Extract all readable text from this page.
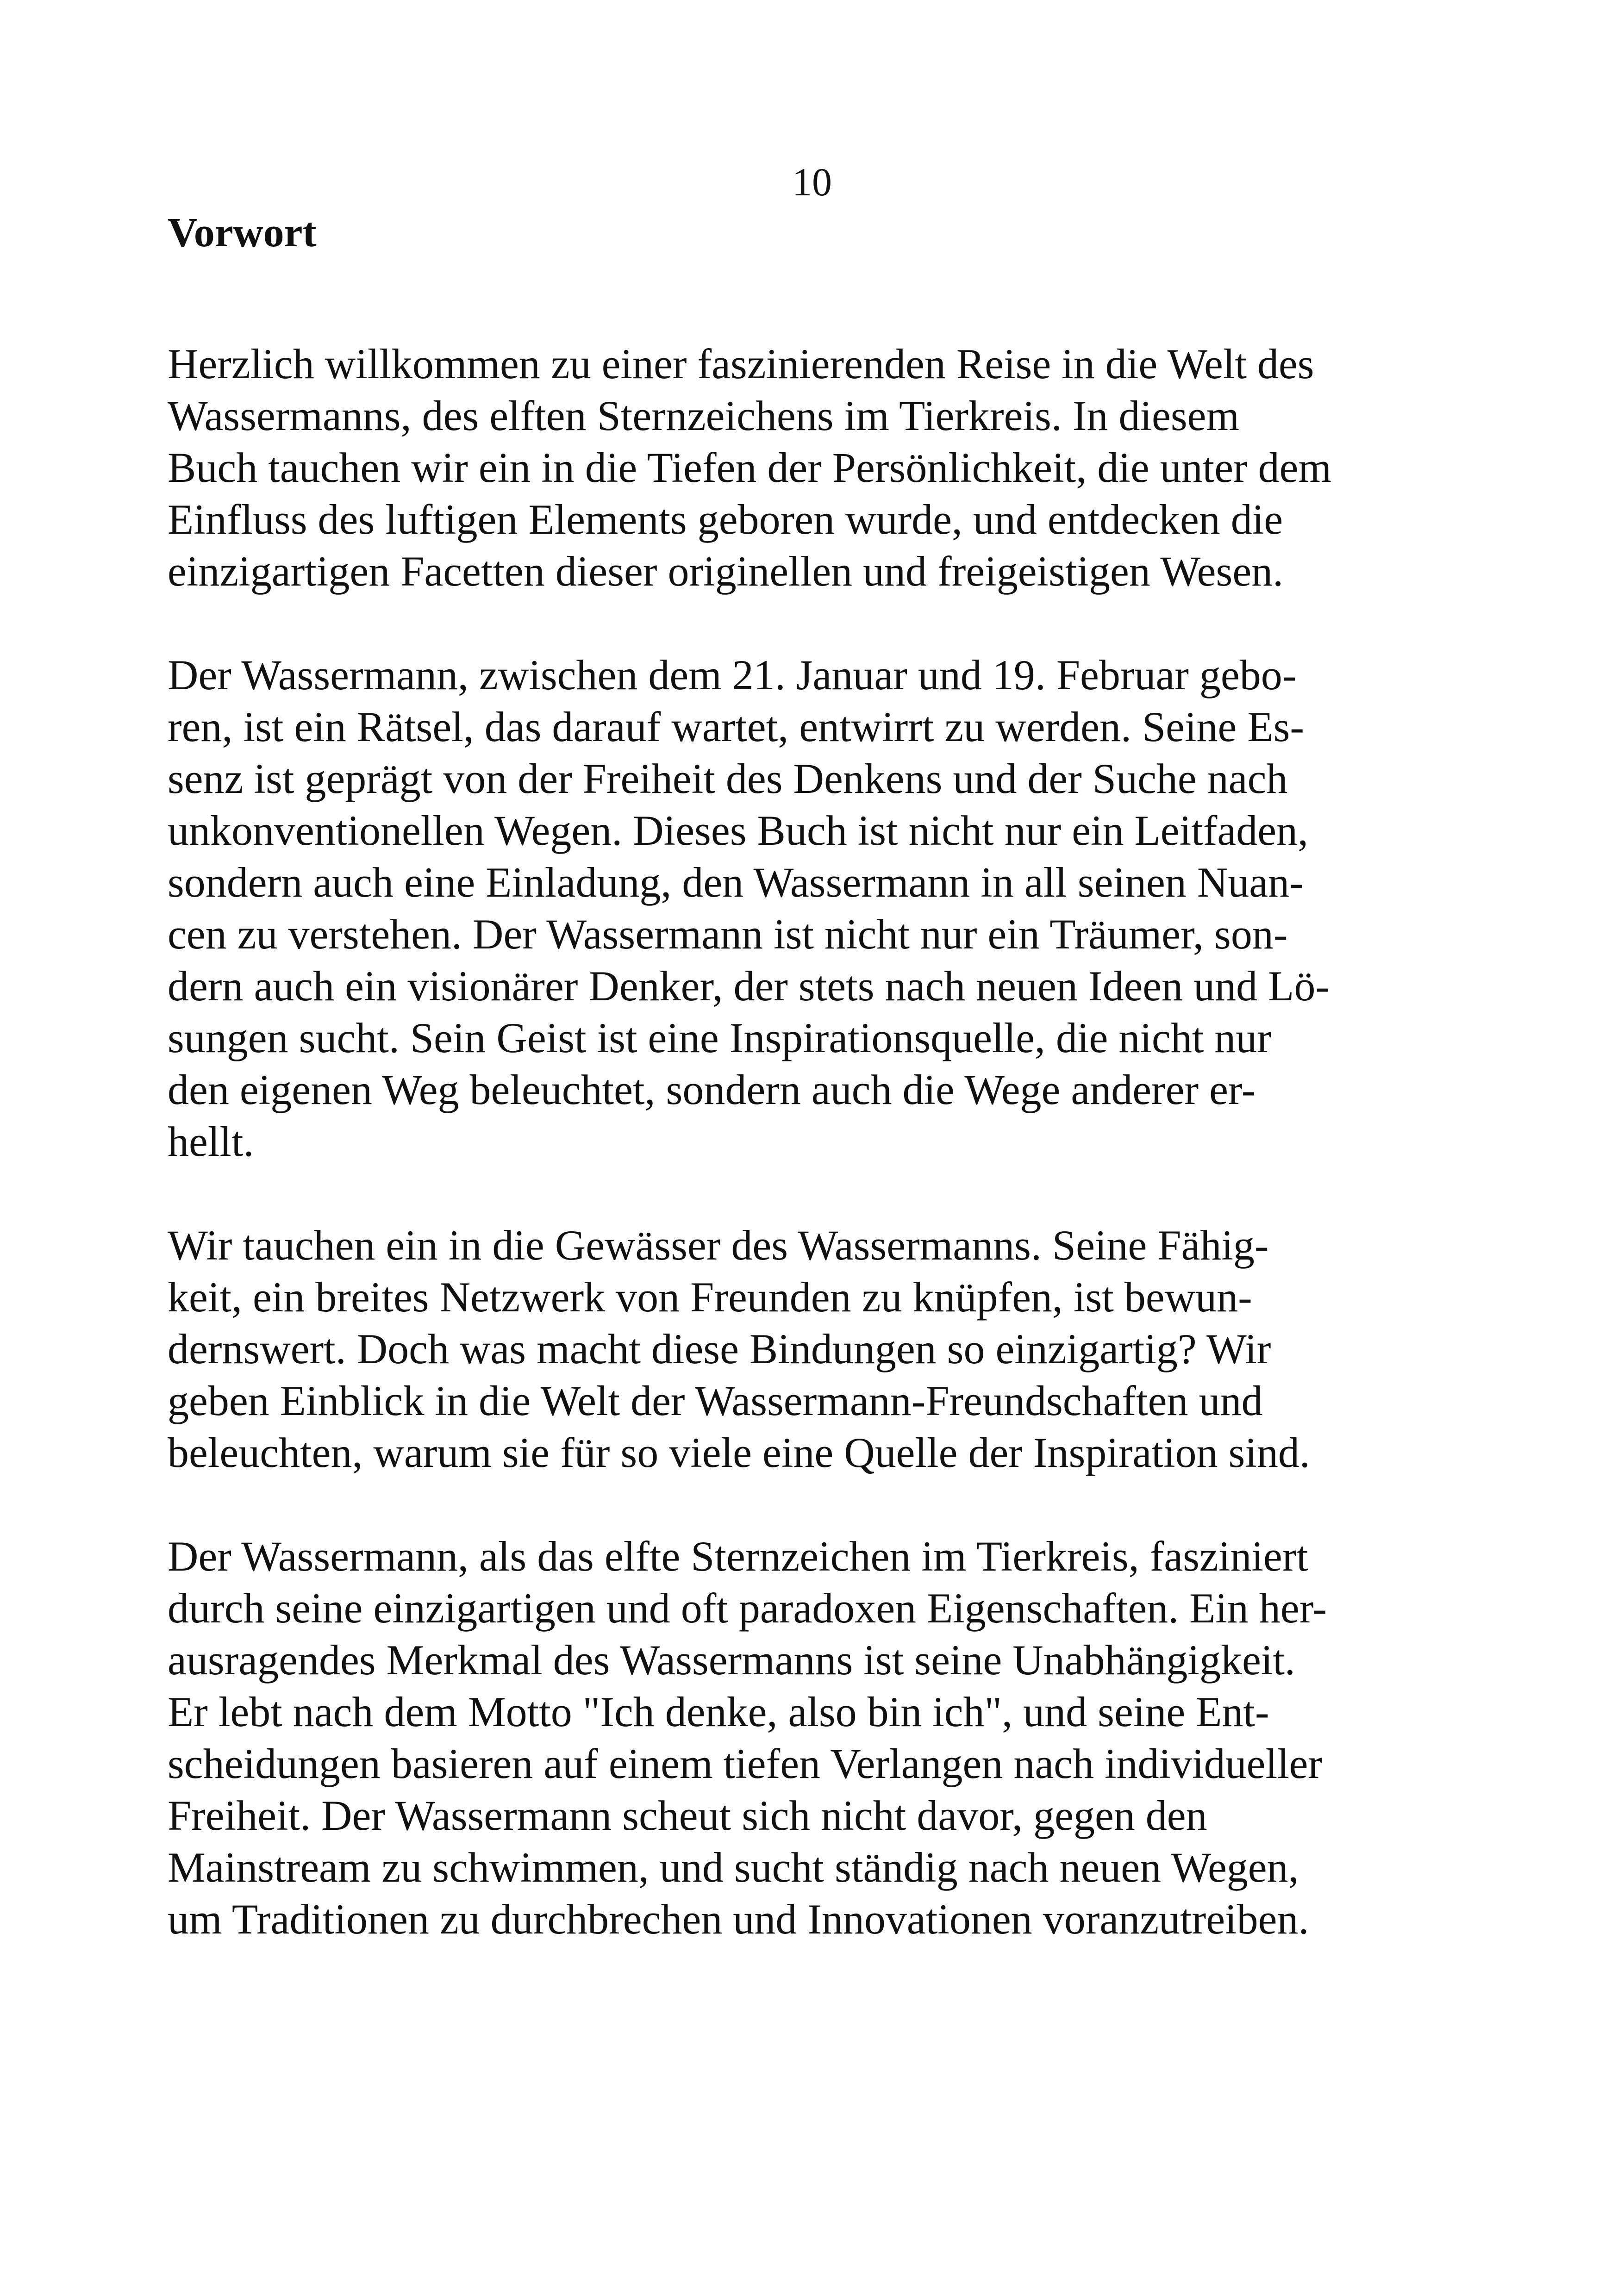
10
Vorwort

Herzlich willkommen zu einer faszinierenden Reise in die Welt des
Wassermanns, des elften Sternzeichens im Tierkreis. In diesem
Buch tauchen wir ein in die Tiefen der Persönlichkeit, die unter dem
Einfluss des luftigen Elements geboren wurde, und entdecken die
einzigartigen Facetten dieser originellen und freigeistigen Wesen.

Der Wassermann, zwischen dem 21. Januar und 19. Februar gebo-
ren, ist ein Rätsel, das darauf wartet, entwirrt zu werden. Seine Es-
senz ist geprägt von der Freiheit des Denkens und der Suche nach
unkonventionellen Wegen. Dieses Buch ist nicht nur ein Leitfaden,
sondern auch eine Einladung, den Wassermann in all seinen Nuan-
cen zu verstehen. Der Wassermann ist nicht nur ein Träumer, son-
dern auch ein visionärer Denker, der stets nach neuen Ideen und Lö-
sungen sucht. Sein Geist ist eine Inspirationsquelle, die nicht nur
den eigenen Weg beleuchtet, sondern auch die Wege anderer er-
hellt.

Wir tauchen ein in die Gewässer des Wassermanns. Seine Fähig-
keit, ein breites Netzwerk von Freunden zu knüpfen, ist bewun-
dernswert. Doch was macht diese Bindungen so einzigartig? Wir
geben Einblick in die Welt der Wassermann-Freundschaften und
beleuchten, warum sie für so viele eine Quelle der Inspiration sind.

Der Wassermann, als das elfte Sternzeichen im Tierkreis, fasziniert
durch seine einzigartigen und oft paradoxen Eigenschaften. Ein her-
ausragendes Merkmal des Wassermanns ist seine Unabhängigkeit.
Er lebt nach dem Motto "Ich denke, also bin ich", und seine Ent-
scheidungen basieren auf einem tiefen Verlangen nach individueller
Freiheit. Der Wassermann scheut sich nicht davor, gegen den
Mainstream zu schwimmen, und sucht ständig nach neuen Wegen,
um Traditionen zu durchbrechen und Innovationen voranzutreiben.
